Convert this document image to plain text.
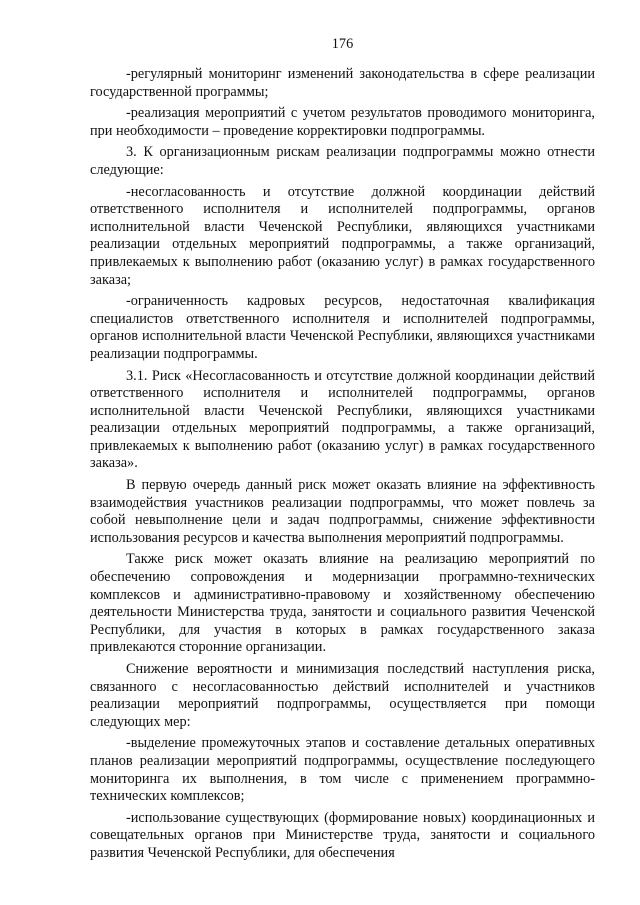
176

-регулярный мониторинг изменений законодательства в сфере реализации государственной программы;

-реализация мероприятий с учетом результатов проводимого мониторинга, при необходимости – проведение корректировки подпрограммы.

3. К организационным рискам реализации подпрограммы можно отнести следующие:

-несогласованность и отсутствие должной координации действий ответственного исполнителя и исполнителей подпрограммы, органов исполнительной власти Чеченской Республики, являющихся участниками реализации отдельных мероприятий подпрограммы, а также организаций, привлекаемых к выполнению работ (оказанию услуг) в рамках государственного заказа;

-ограниченность кадровых ресурсов, недостаточная квалификация специалистов ответственного исполнителя и исполнителей подпрограммы, органов исполнительной власти Чеченской Республики, являющихся участниками реализации подпрограммы.

3.1. Риск «Несогласованность и отсутствие должной координации действий ответственного исполнителя и исполнителей подпрограммы, органов исполнительной власти Чеченской Республики, являющихся участниками реализации отдельных мероприятий подпрограммы, а также организаций, привлекаемых к выполнению работ (оказанию услуг) в рамках государственного заказа».

В первую очередь данный риск может оказать влияние на эффективность взаимодействия участников реализации подпрограммы, что может повлечь за собой невыполнение цели и задач подпрограммы, снижение эффективности использования ресурсов и качества выполнения мероприятий подпрограммы.

Также риск может оказать влияние на реализацию мероприятий по обеспечению сопровождения и модернизации программно-технических комплексов и административно-правовому и хозяйственному обеспечению деятельности Министерства труда, занятости и социального развития Чеченской Республики, для участия в которых в рамках государственного заказа привлекаются сторонние организации.

Снижение вероятности и минимизация последствий наступления риска, связанного с несогласованностью действий исполнителей и участников реализации мероприятий подпрограммы, осуществляется при помощи следующих мер:

-выделение промежуточных этапов и составление детальных оперативных планов реализации мероприятий подпрограммы, осуществление последующего мониторинга их выполнения, в том числе с применением программно-технических комплексов;

-использование существующих (формирование новых) координационных и совещательных органов при Министерстве труда, занятости и социального развития Чеченской Республики, для обеспечения
